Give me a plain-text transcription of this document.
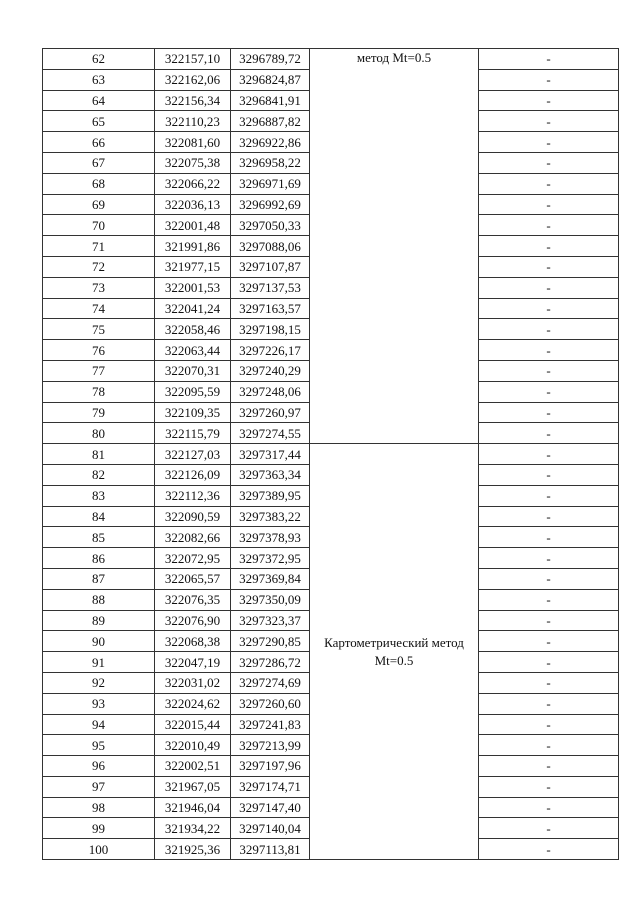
62	322157,10	3296789,72	метод Mt=0.5	-
63	322162,06	3296824,87		-
64	322156,34	3296841,91		-
65	322110,23	3296887,82		-
66	322081,60	3296922,86		-
67	322075,38	3296958,22		-
68	322066,22	3296971,69		-
69	322036,13	3296992,69		-
70	322001,48	3297050,33		-
71	321991,86	3297088,06		-
72	321977,15	3297107,87		-
73	322001,53	3297137,53		-
74	322041,24	3297163,57		-
75	322058,46	3297198,15		-
76	322063,44	3297226,17		-
77	322070,31	3297240,29		-
78	322095,59	3297248,06		-
79	322109,35	3297260,97		-
80	322115,79	3297274,55		-
81	322127,03	3297317,44	Картометрический метод Mt=0.5	-
82	322126,09	3297363,34		-
83	322112,36	3297389,95		-
84	322090,59	3297383,22		-
85	322082,66	3297378,93		-
86	322072,95	3297372,95		-
87	322065,57	3297369,84		-
88	322076,35	3297350,09		-
89	322076,90	3297323,37		-
90	322068,38	3297290,85		-
91	322047,19	3297286,72		-
92	322031,02	3297274,69		-
93	322024,62	3297260,60		-
94	322015,44	3297241,83		-
95	322010,49	3297213,99		-
96	322002,51	3297197,96		-
97	321967,05	3297174,71		-
98	321946,04	3297147,40		-
99	321934,22	3297140,04		-
100	321925,36	3297113,81		-
